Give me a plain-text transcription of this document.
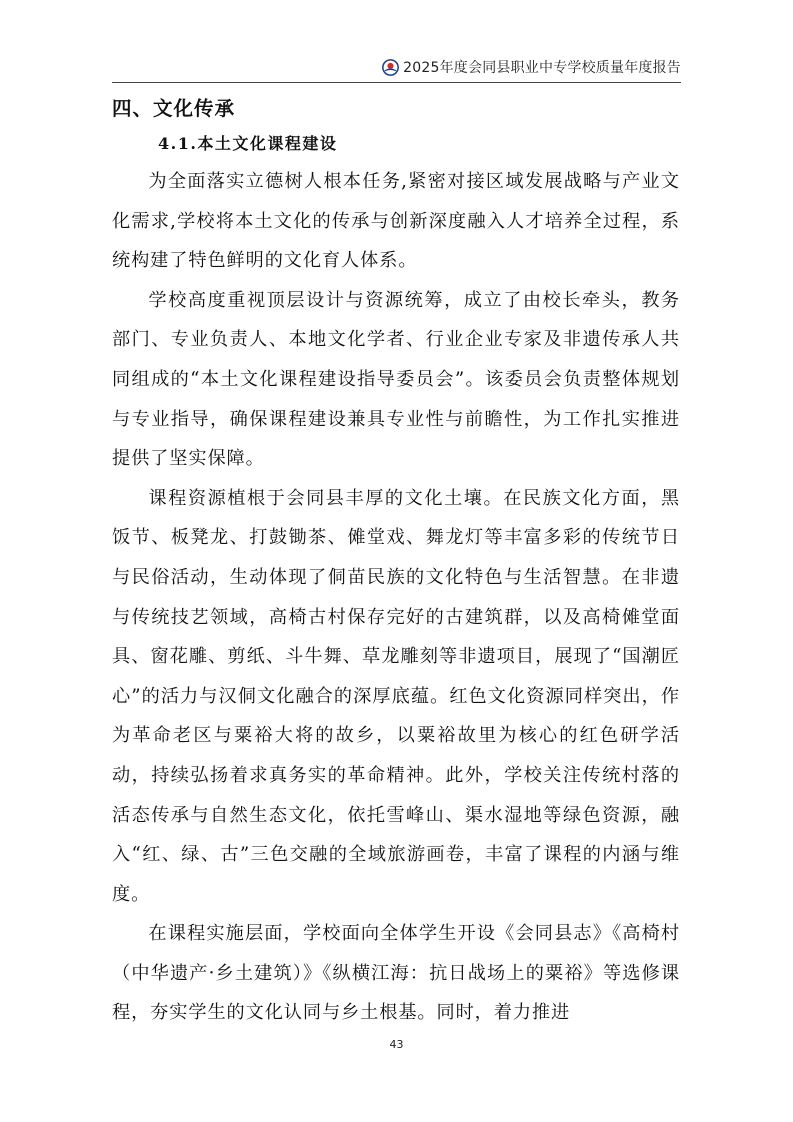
2025年度会同县职业中专学校质量年度报告
四、文化传承
4.1.本土文化课程建设

为全面落实立德树人根本任务,紧密对接区域发展战略与产业文化需求,学校将本土文化的传承与创新深度融入人才培养全过程，系统构建了特色鲜明的文化育人体系。

学校高度重视顶层设计与资源统筹，成立了由校长牵头，教务部门、专业负责人、本地文化学者、行业企业专家及非遗传承人共同组成的“本土文化课程建设指导委员会”。该委员会负责整体规划与专业指导，确保课程建设兼具专业性与前瞻性，为工作扎实推进提供了坚实保障。

课程资源植根于会同县丰厚的文化土壤。在民族文化方面，黑饭节、板凳龙、打鼓锄茶、傩堂戏、舞龙灯等丰富多彩的传统节日与民俗活动，生动体现了侗苗民族的文化特色与生活智慧。在非遗与传统技艺领域，高椅古村保存完好的古建筑群，以及高椅傩堂面具、窗花雕、剪纸、斗牛舞、草龙雕刻等非遗项目，展现了“国潮匠心”的活力与汉侗文化融合的深厚底蕴。红色文化资源同样突出，作为革命老区与粟裕大将的故乡，以粟裕故里为核心的红色研学活动，持续弘扬着求真务实的革命精神。此外，学校关注传统村落的活态传承与自然生态文化，依托雪峰山、渠水湿地等绿色资源，融入“红、绿、古”三色交融的全域旅游画卷，丰富了课程的内涵与维度。

在课程实施层面，学校面向全体学生开设《会同县志》《高椅村（中华遗产·乡土建筑）》《纵横江海：抗日战场上的粟裕》等选修课程，夯实学生的文化认同与乡土根基。同时，着力推进

43
